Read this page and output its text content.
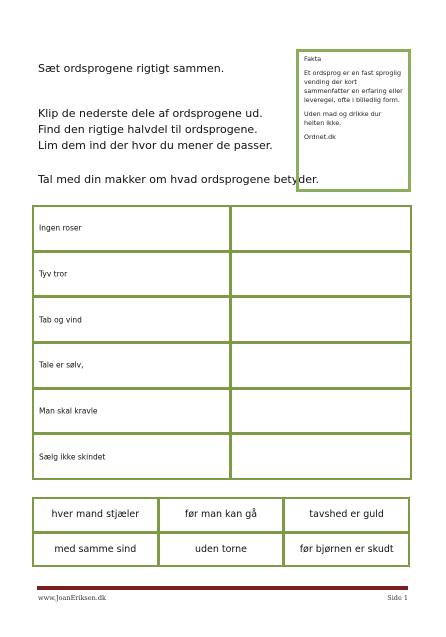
Sæt ordsprogene rigtigt sammen.
Klip de nederste dele af ordsprogene ud.
Find den rigtige halvdel til ordsprogene.
Lim dem ind der hvor du mener de passer.
Tal med din makker om hvad ordsprogene betyder.

Fakta

Et ordsprog er en fast sproglig vending der kort sammenfatter en erfaring eller leveregel, ofte i billedlig form.

Uden mad og drikke dur helten ikke.

Ordnet.dk

Ingen roser
Tyv tror
Tab og vind
Tale er sølv,
Man skal kravle
Sælg ikke skindet
hver mand stjæler	før man kan gå	tavshed er guld
med samme sind	uden torne	før bjørnen er skudt
www.JoanEriksen.dk	Side 1
